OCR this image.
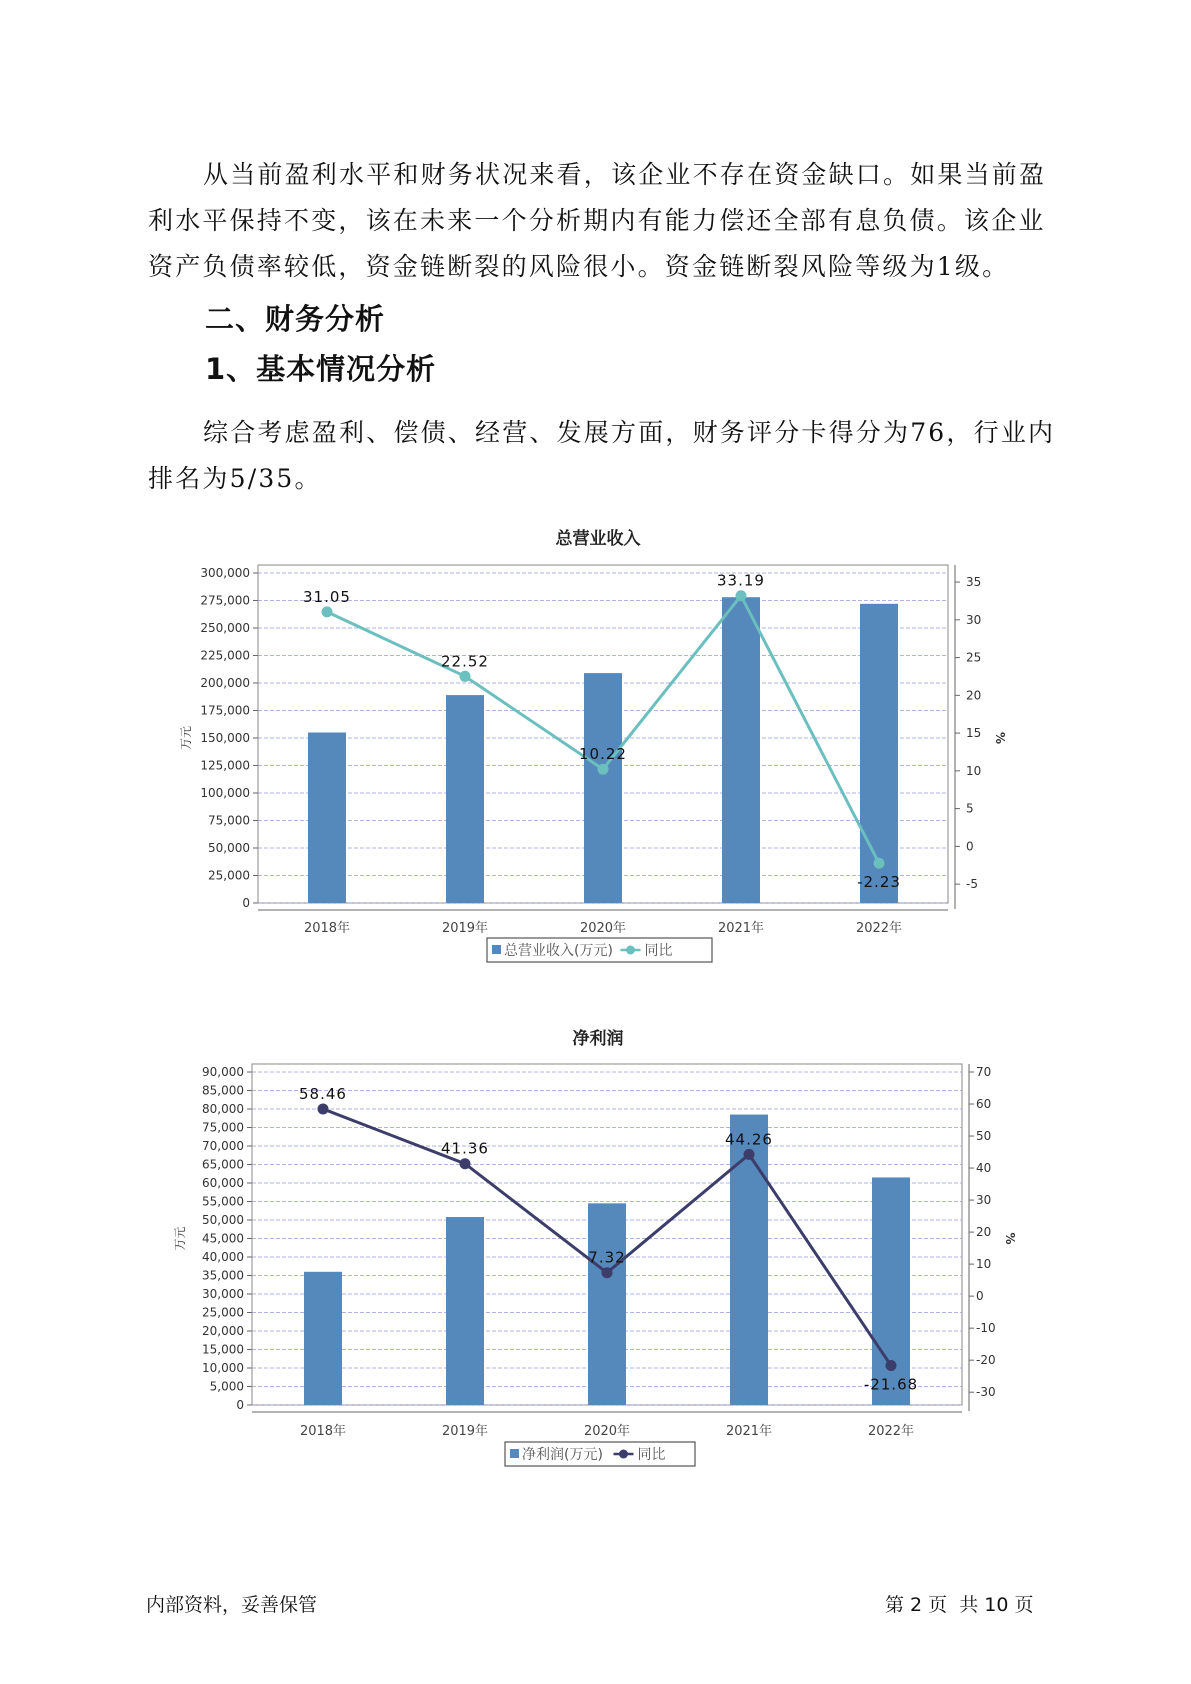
从当前盈利水平和财务状况来看，该企业不存在资金缺口。如果当前盈利水平保持不变，该在未来一个分析期内有能力偿还全部有息负债。该企业资产负债率较低，资金链断裂的风险很小。资金链断裂风险等级为1级。
二、财务分析
1、基本情况分析
综合考虑盈利、偿债、经营、发展方面，财务评分卡得分为76，行业内排名为5/35。
总营业收入
0
25,000
50,000
75,000
100,000
125,000
150,000
175,000
200,000
225,000
250,000
275,000
300,000
-5
0
5
10
15
20
25
30
35
万元	%
2018年	2019年	2020年	2021年	2022年
31.05
22.52
10.22
33.19
-2.23
总营业收入(万元) 同比
净利润
0
5,000
10,000
15,000
20,000
25,000
30,000
35,000
40,000
45,000
50,000
55,000
60,000
65,000
70,000
75,000
80,000
85,000
90,000
-30
-20
-10
0
10
20
30
40
50
60
70
万元	%
2018年	2019年	2020年	2021年	2022年
58.46
41.36
7.32
44.26
-21.68
净利润(万元) 同比
内部资料，妥善保管	第 2 页  共 10 页
